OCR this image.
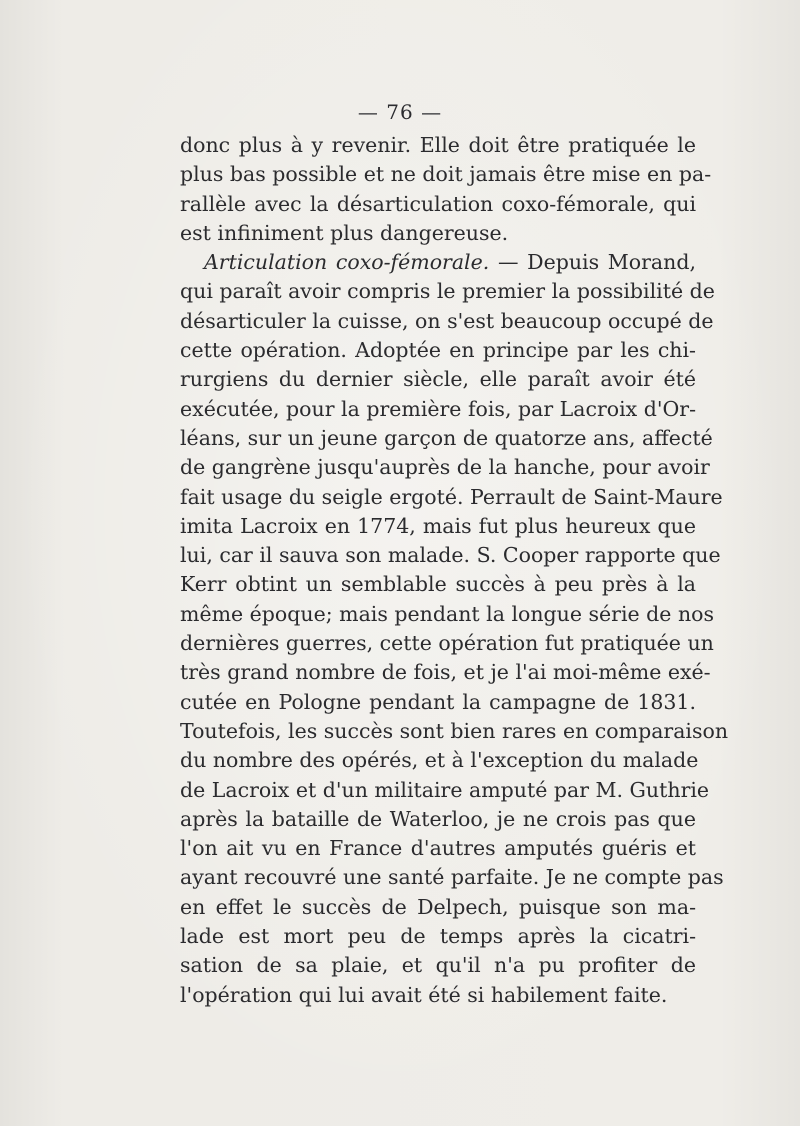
— 76 —
donc plus à y revenir. Elle doit être pratiquée le
plus bas possible et ne doit jamais être mise en pa-
rallèle avec la désarticulation coxo-fémorale, qui
est infiniment plus dangereuse.
Articulation coxo-fémorale. — Depuis Morand,
qui paraît avoir compris le premier la possibilité de
désarticuler la cuisse, on s'est beaucoup occupé de
cette opération. Adoptée en principe par les chi-
rurgiens du dernier siècle, elle paraît avoir été
exécutée, pour la première fois, par Lacroix d'Or-
léans, sur un jeune garçon de quatorze ans, affecté
de gangrène jusqu'auprès de la hanche, pour avoir
fait usage du seigle ergoté. Perrault de Saint-Maure
imita Lacroix en 1774, mais fut plus heureux que
lui, car il sauva son malade. S. Cooper rapporte que
Kerr obtint un semblable succès à peu près à la
même époque; mais pendant la longue série de nos
dernières guerres, cette opération fut pratiquée un
très grand nombre de fois, et je l'ai moi-même exé-
cutée en Pologne pendant la campagne de 1831.
Toutefois, les succès sont bien rares en comparaison
du nombre des opérés, et à l'exception du malade
de Lacroix et d'un militaire amputé par M. Guthrie
après la bataille de Waterloo, je ne crois pas que
l'on ait vu en France d'autres amputés guéris et
ayant recouvré une santé parfaite. Je ne compte pas
en effet le succès de Delpech, puisque son ma-
lade est mort peu de temps après la cicatri-
sation de sa plaie, et qu'il n'a pu profiter de
l'opération qui lui avait été si habilement faite.
